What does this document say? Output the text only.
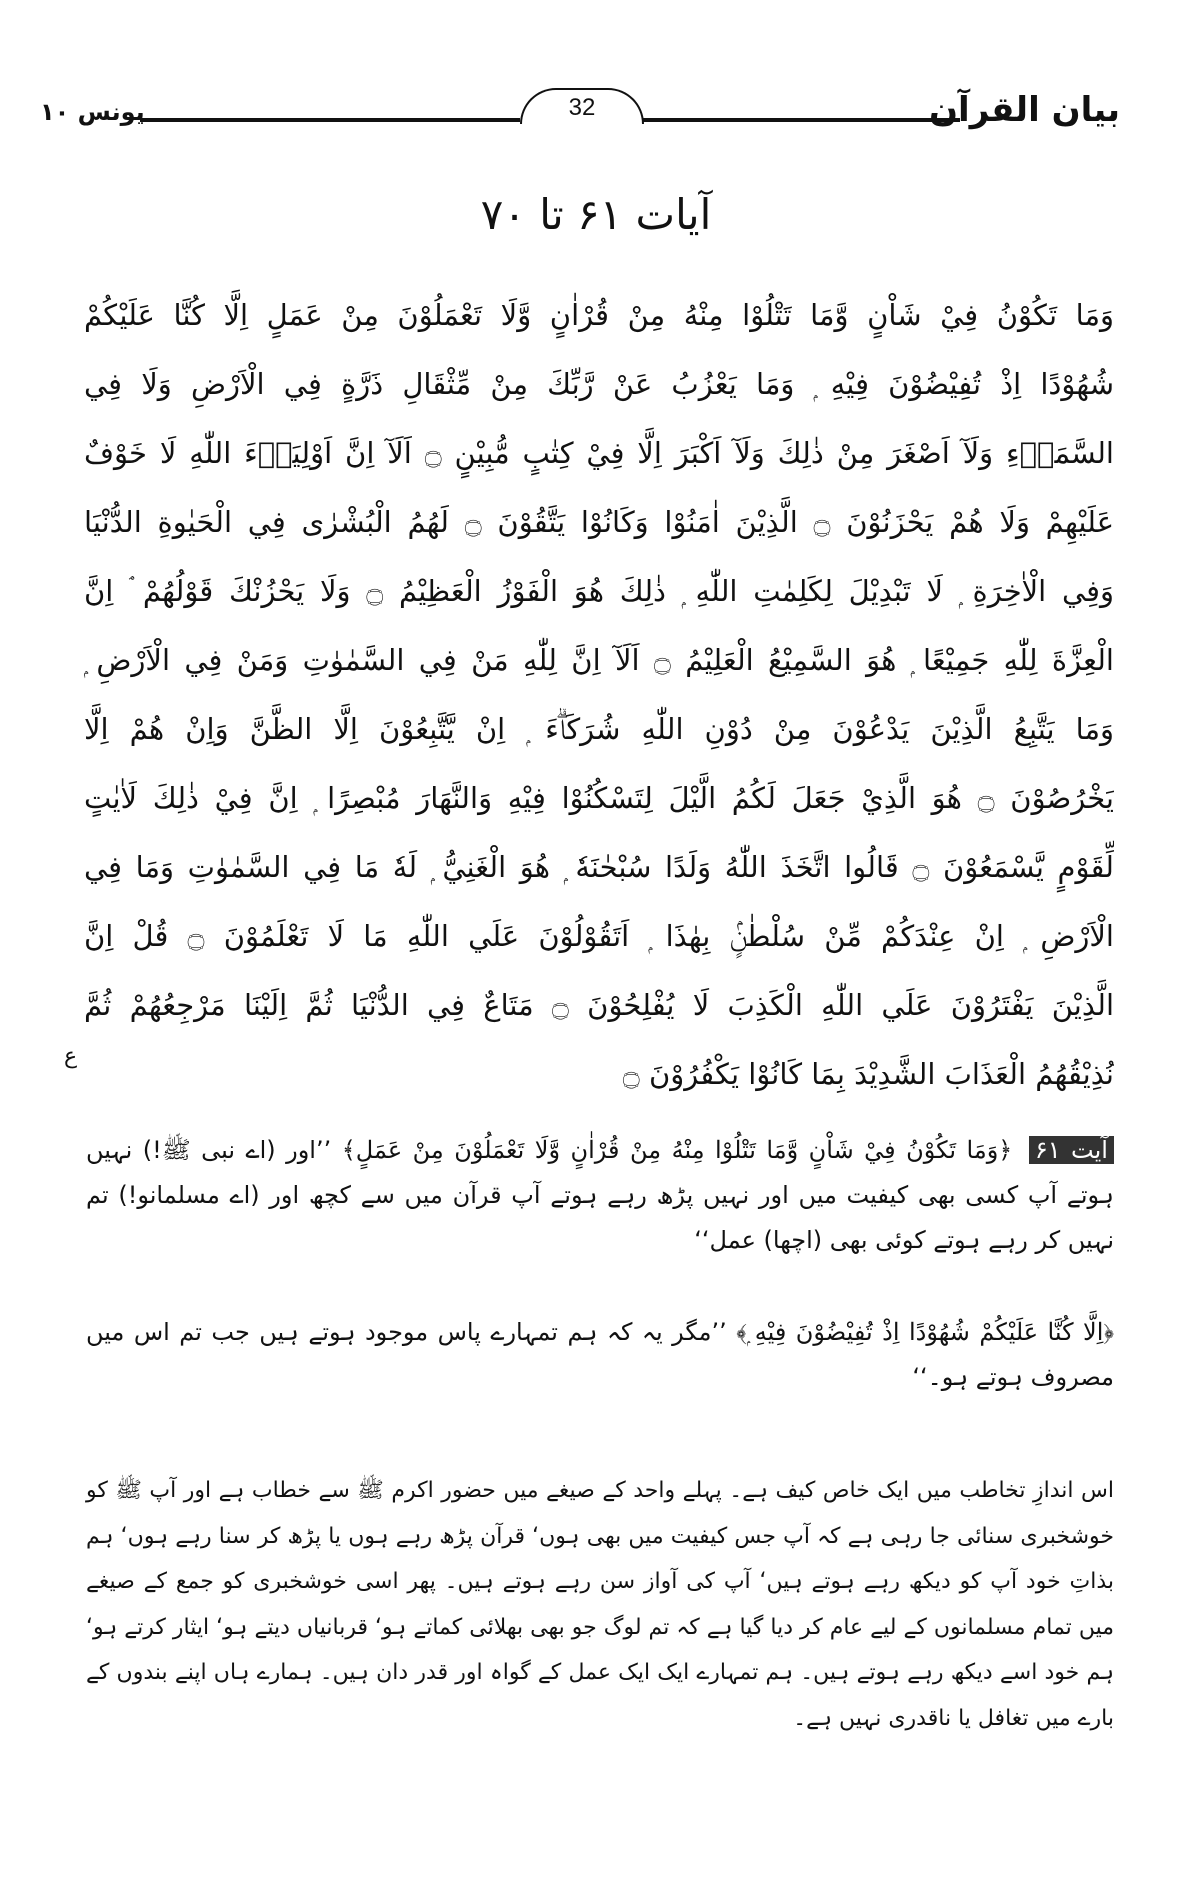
32	بیان القرآن
یونس ۱۰
آیات ۶۱ تا ۷۰
وَمَا تَكُوْنُ فِيْ شَاْنٍ وَّمَا تَتْلُوْا مِنْهُ مِنْ قُرْاٰنٍ وَّلَا تَعْمَلُوْنَ مِنْ عَمَلٍ اِلَّا كُنَّا عَلَيْكُمْ
شُهُوْدًا اِذْ تُفِيْضُوْنَ فِيْهِ ۭ وَمَا يَعْزُبُ عَنْ رَّبِّكَ مِنْ مِّثْقَالِ ذَرَّةٍ فِي الْاَرْضِ وَلَا فِي
السَّمَاۗءِ وَلَآ اَصْغَرَ مِنْ ذٰلِكَ وَلَآ اَكْبَرَ اِلَّا فِيْ كِتٰبٍ مُّبِيْنٍ ۝ اَلَآ اِنَّ اَوْلِيَاۗءَ اللّٰهِ لَا خَوْفٌ
عَلَيْهِمْ وَلَا هُمْ يَحْزَنُوْنَ ۝ الَّذِيْنَ اٰمَنُوْا وَكَانُوْا يَتَّقُوْنَ ۝ لَهُمُ الْبُشْرٰى فِي الْحَيٰوةِ الدُّنْيَا
وَفِي الْاٰخِرَةِ ۭ لَا تَبْدِيْلَ لِكَلِمٰتِ اللّٰهِ ۭ ذٰلِكَ هُوَ الْفَوْزُ الْعَظِيْمُ ۝ وَلَا يَحْزُنْكَ قَوْلُهُمْ ۘ اِنَّ
الْعِزَّةَ لِلّٰهِ جَمِيْعًا ۭ هُوَ السَّمِيْعُ الْعَلِيْمُ ۝ اَلَآ اِنَّ لِلّٰهِ مَنْ فِي السَّمٰوٰتِ وَمَنْ فِي الْاَرْضِ ۭ
وَمَا يَتَّبِعُ الَّذِيْنَ يَدْعُوْنَ مِنْ دُوْنِ اللّٰهِ شُرَكَاۗءَ ۭ اِنْ يَّتَّبِعُوْنَ اِلَّا الظَّنَّ وَاِنْ هُمْ اِلَّا
يَخْرُصُوْنَ ۝ هُوَ الَّذِيْ جَعَلَ لَكُمُ الَّيْلَ لِتَسْكُنُوْا فِيْهِ وَالنَّهَارَ مُبْصِرًا ۭ اِنَّ فِيْ ذٰلِكَ لَاٰيٰتٍ
لِّقَوْمٍ يَّسْمَعُوْنَ ۝ قَالُوا اتَّخَذَ اللّٰهُ وَلَدًا سُبْحٰنَهٗ ۭ هُوَ الْغَنِيُّ ۭ لَهٗ مَا فِي السَّمٰوٰتِ وَمَا فِي
الْاَرْضِ ۭ اِنْ عِنْدَكُمْ مِّنْ سُلْطٰنٍۢ بِهٰذَا ۭ اَتَقُوْلُوْنَ عَلَي اللّٰهِ مَا لَا تَعْلَمُوْنَ ۝ قُلْ اِنَّ
الَّذِيْنَ يَفْتَرُوْنَ عَلَي اللّٰهِ الْكَذِبَ لَا يُفْلِحُوْنَ ۝ مَتَاعٌ فِي الدُّنْيَا ثُمَّ اِلَيْنَا مَرْجِعُهُمْ ثُمَّ
ع
نُذِيْقُهُمُ الْعَذَابَ الشَّدِيْدَ بِمَا كَانُوْا يَكْفُرُوْنَ ۝
آیت ۶۱ ﴿وَمَا تَكُوْنُ فِيْ شَاْنٍ وَّمَا تَتْلُوْا مِنْهُ مِنْ قُرْاٰنٍ وَّلَا تَعْمَلُوْنَ مِنْ عَمَلٍ﴾ ’’اور (اے نبی ﷺ!) نہیں ہوتے آپ کسی بھی کیفیت میں اور نہیں پڑھ رہے ہوتے آپ قرآن میں سے کچھ اور (اے مسلمانو!) تم نہیں کر رہے ہوتے کوئی بھی (اچھا) عمل‘‘
﴿اِلَّا كُنَّا عَلَيْكُمْ شُهُوْدًا اِذْ تُفِيْضُوْنَ فِيْهِ ۭ﴾ ’’مگر یہ کہ ہم تمہارے پاس موجود ہوتے ہیں جب تم اس میں مصروف ہوتے ہو۔‘‘
اس اندازِ تخاطب میں ایک خاص کیف ہے۔ پہلے واحد کے صیغے میں حضور اکرم ﷺ سے خطاب ہے اور آپ ﷺ کو خوشخبری سنائی جا رہی ہے کہ آپ جس کیفیت میں بھی ہوں‘ قرآن پڑھ رہے ہوں یا پڑھ کر سنا رہے ہوں‘ ہم بذاتِ خود آپ کو دیکھ رہے ہوتے ہیں‘ آپ کی آواز سن رہے ہوتے ہیں۔ پھر اسی خوشخبری کو جمع کے صیغے میں تمام مسلمانوں کے لیے عام کر دیا گیا ہے کہ تم لوگ جو بھی بھلائی کماتے ہو‘ قربانیاں دیتے ہو‘ ایثار کرتے ہو‘ ہم خود اسے دیکھ رہے ہوتے ہیں۔ ہم تمہارے ایک ایک عمل کے گواہ اور قدر دان ہیں۔ ہمارے ہاں اپنے بندوں کے بارے میں تغافل یا ناقدری نہیں ہے۔
